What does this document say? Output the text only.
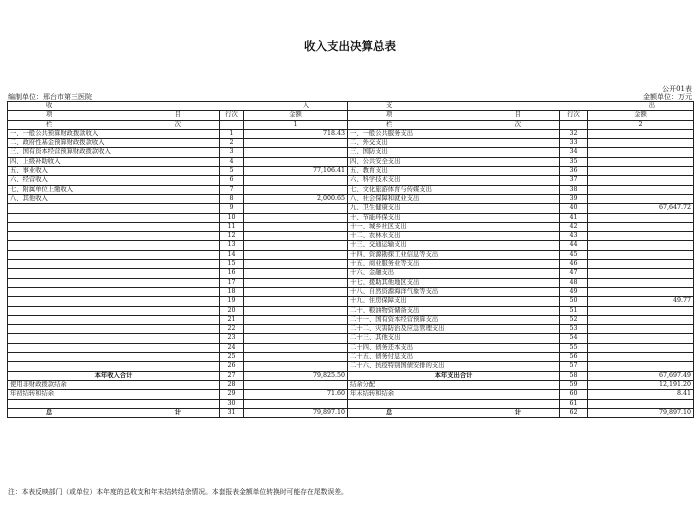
收入支出决算总表
公开01表
编制单位：邢台市第三医院	金额单位：万元
收 入			支 出		

项 目	行次	金额	项 目	行次	金额

栏 次		1	栏 次		2
一、一般公共预算财政拨款收入	1	718.43	一、一般公共服务支出	32	
二、政府性基金预算财政拨款收入	2		二、外交支出	33	
三、国有资本经营预算财政拨款收入	3		三、国防支出	34	
四、上级补助收入	4		四、公共安全支出	35	
五、事业收入	5	77,106.41	五、教育支出	36	
六、经营收入	6		六、科学技术支出	37	
七、附属单位上缴收入	7		七、文化旅游体育与传媒支出	38	
八、其他收入	8	2,000.65	八、社会保障和就业支出	39	
	9		九、卫生健康支出	40	67,647.72
	10		十、节能环保支出	41	
	11		十一、城乡社区支出	42	
	12		十二、农林水支出	43	
	13		十三、交通运输支出	44	
	14		十四、资源勘探工业信息等支出	45	
	15		十五、商业服务业等支出	46	
	16		十六、金融支出	47	
	17		十七、援助其他地区支出	48	
	18		十八、自然资源海洋气象等支出	49	
	19		十九、住房保障支出	50	49.77
	20		二十、粮油物资储备支出	51	
	21		二十一、国有资本经营预算支出	52	
	22		二十二、灾害防治及应急管理支出	53	
	23		二十三、其他支出	54	
	24		二十四、债务还本支出	55	
	25		二十五、债务付息支出	56	
	26		二十六、抗疫特别国债安排的支出	57	
本年收入合计	27	79,825.50	本年支出合计	58	67,697.49
使用非财政拨款结余	28		结余分配	59	12,191.20
年初结转和结余	29	71.60	年末结转和结余	60	8.41
	30			61	

总 计	31	79,897.10	总 计	62	79,897.10
注：本表反映部门（或单位）本年度的总收支和年末结转结余情况。本套报表金额单位转换时可能存在尾数误差。
